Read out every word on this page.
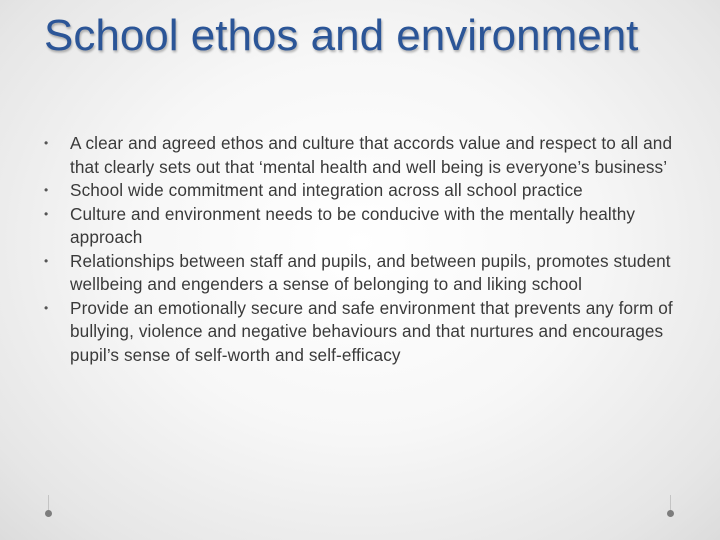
School ethos and environment
•	A clear and agreed ethos and culture that accords value and respect to all and that clearly sets out that ‘mental health and well being is everyone’s business’
•	School wide commitment and integration across all school practice
•	Culture and environment needs to be conducive with the mentally healthy approach
•	Relationships between staff and pupils, and between pupils, promotes student wellbeing and engenders a sense of belonging to and liking school
•	Provide an emotionally secure and safe environment that prevents any form of bullying, violence and negative behaviours and that nurtures and encourages pupil’s sense of self-worth and self-efficacy
